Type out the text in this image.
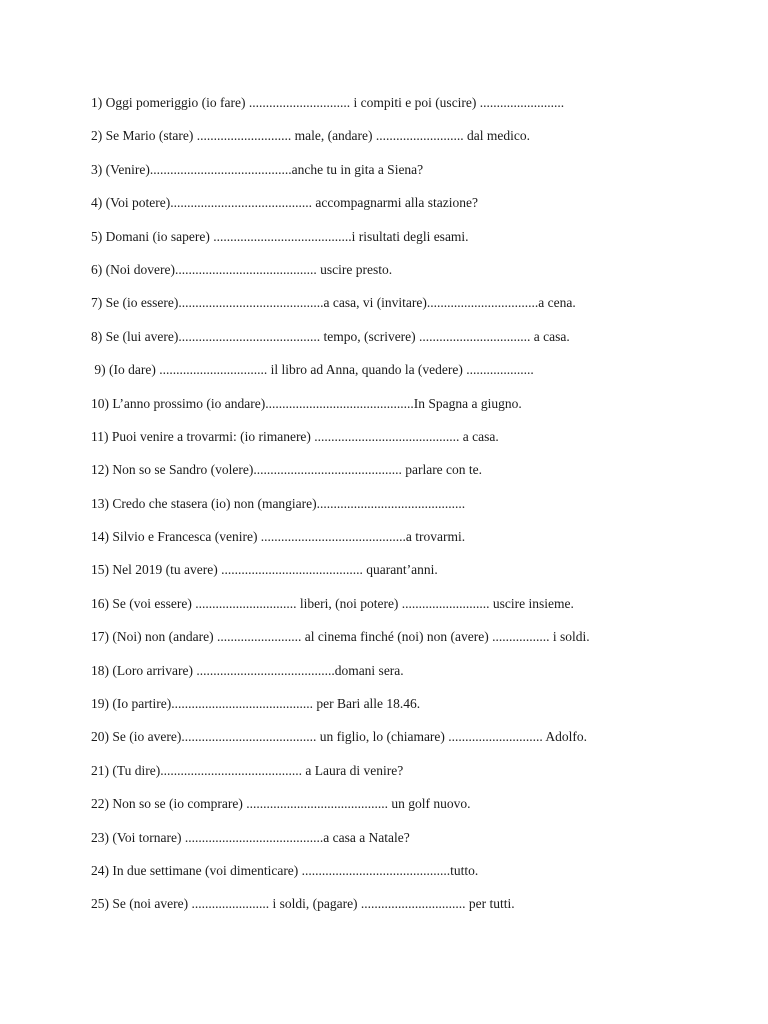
1) Oggi pomeriggio (io fare) .............................. i compiti e poi (uscire) .........................
2) Se Mario (stare) ............................ male, (andare) .......................... dal medico.
3) (Venire)..........................................anche tu in gita a Siena?
4) (Voi potere).......................................... accompagnarmi alla stazione?
5) Domani (io sapere) .........................................i risultati degli esami.
6) (Noi dovere).......................................... uscire presto.
7) Se (io essere)...........................................a casa, vi (invitare).................................a cena.
8) Se (lui avere).......................................... tempo, (scrivere) ................................. a casa.
9) (Io dare) ................................ il libro ad Anna, quando la (vedere) ....................
10) L’anno prossimo (io andare)............................................In Spagna a giugno.
11) Puoi venire a trovarmi: (io rimanere) ........................................... a casa.
12) Non so se Sandro (volere)............................................ parlare con te.
13) Credo che stasera (io) non (mangiare)............................................
14) Silvio e Francesca (venire) ...........................................a trovarmi.
15) Nel 2019 (tu avere) .......................................... quarant’anni.
16) Se (voi essere) .............................. liberi, (noi potere) .......................... uscire insieme.
17) (Noi) non (andare) ......................... al cinema finché (noi) non (avere) ................. i soldi.
18) (Loro arrivare) .........................................domani sera.
19) (Io partire).......................................... per Bari alle 18.46.
20) Se (io avere)........................................ un figlio, lo (chiamare) ............................ Adolfo.
21) (Tu dire).......................................... a Laura di venire?
22) Non so se (io comprare) .......................................... un golf nuovo.
23) (Voi tornare) .........................................a casa a Natale?
24) In due settimane (voi dimenticare) ............................................tutto.
25) Se (noi avere) ....................... i soldi, (pagare) ............................... per tutti.
